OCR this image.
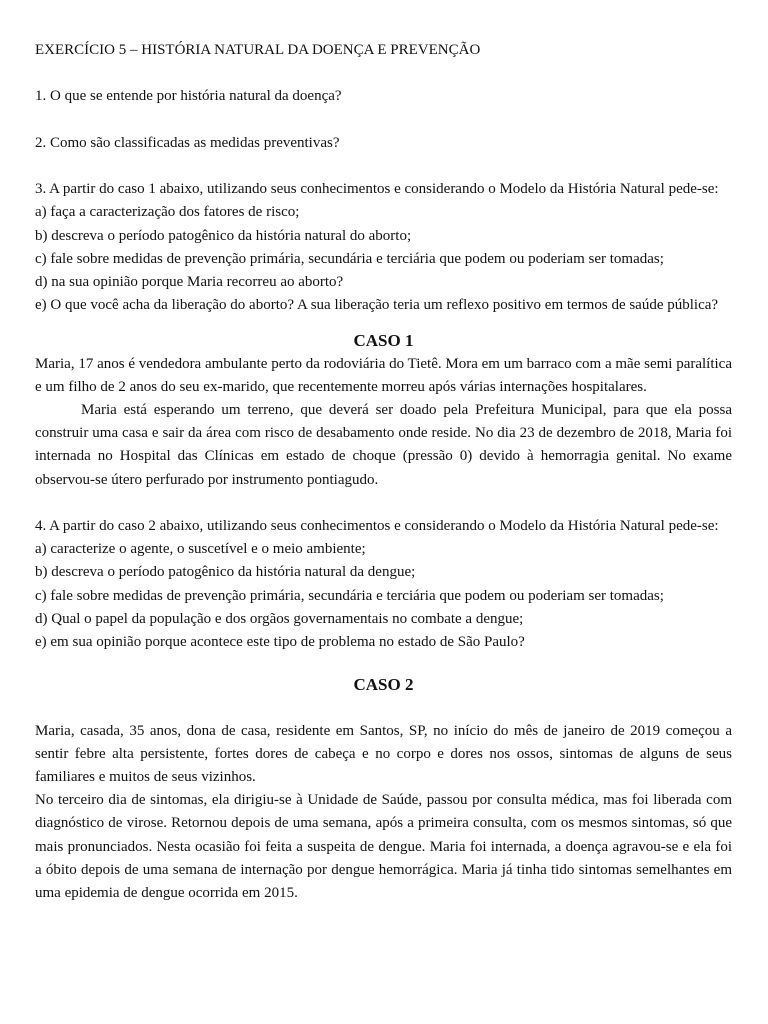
EXERCÍCIO 5 – HISTÓRIA NATURAL DA DOENÇA E PREVENÇÃO

1. O que se entende por história natural da doença?

2. Como são classificadas as medidas preventivas?

3. A partir do caso 1 abaixo, utilizando seus conhecimentos e considerando o Modelo da História Natural pede-se:

a) faça a caracterização dos fatores de risco;

b) descreva o período patogênico da história natural do aborto;

c) fale sobre medidas de prevenção primária, secundária e terciária que podem ou poderiam ser tomadas;

d) na sua opinião porque Maria recorreu ao aborto?

e) O que você acha da liberação do aborto? A sua liberação teria um reflexo positivo em termos de saúde pública?

CASO 1

Maria, 17 anos é vendedora ambulante perto da rodoviária do Tietê. Mora em um barraco com a mãe semi paralítica e um filho de 2 anos do seu ex-marido, que recentemente morreu após várias internações hospitalares.

Maria está esperando um terreno, que deverá ser doado pela Prefeitura Municipal, para que ela possa construir uma casa e sair da área com risco de desabamento onde reside. No dia 23 de dezembro de 2018, Maria foi internada no Hospital das Clínicas em estado de choque (pressão 0) devido à hemorragia genital. No exame observou-se útero perfurado por instrumento pontiagudo.

4. A partir do caso 2 abaixo, utilizando seus conhecimentos e considerando o Modelo da História Natural pede-se:

a) caracterize o agente, o suscetível e o meio ambiente;

b) descreva o período patogênico da história natural da dengue;

c) fale sobre medidas de prevenção primária, secundária e terciária que podem ou poderiam ser tomadas;

d) Qual o papel da população e dos orgãos governamentais no combate a dengue;

e) em sua opinião porque acontece este tipo de problema no estado de São Paulo?

CASO 2

Maria, casada, 35 anos, dona de casa, residente em Santos, SP, no início do mês de janeiro de 2019 começou a sentir febre alta persistente, fortes dores de cabeça e no corpo e dores nos ossos, sintomas de alguns de seus familiares e muitos de seus vizinhos.

No terceiro dia de sintomas, ela dirigiu-se à Unidade de Saúde, passou por consulta médica, mas foi liberada com diagnóstico de virose. Retornou depois de uma semana, após a primeira consulta, com os mesmos sintomas, só que mais pronunciados. Nesta ocasião foi feita a suspeita de dengue. Maria foi internada, a doença agravou-se e ela foi a óbito depois de uma semana de internação por dengue hemorrágica. Maria já tinha tido sintomas semelhantes em uma epidemia de dengue ocorrida em 2015.
